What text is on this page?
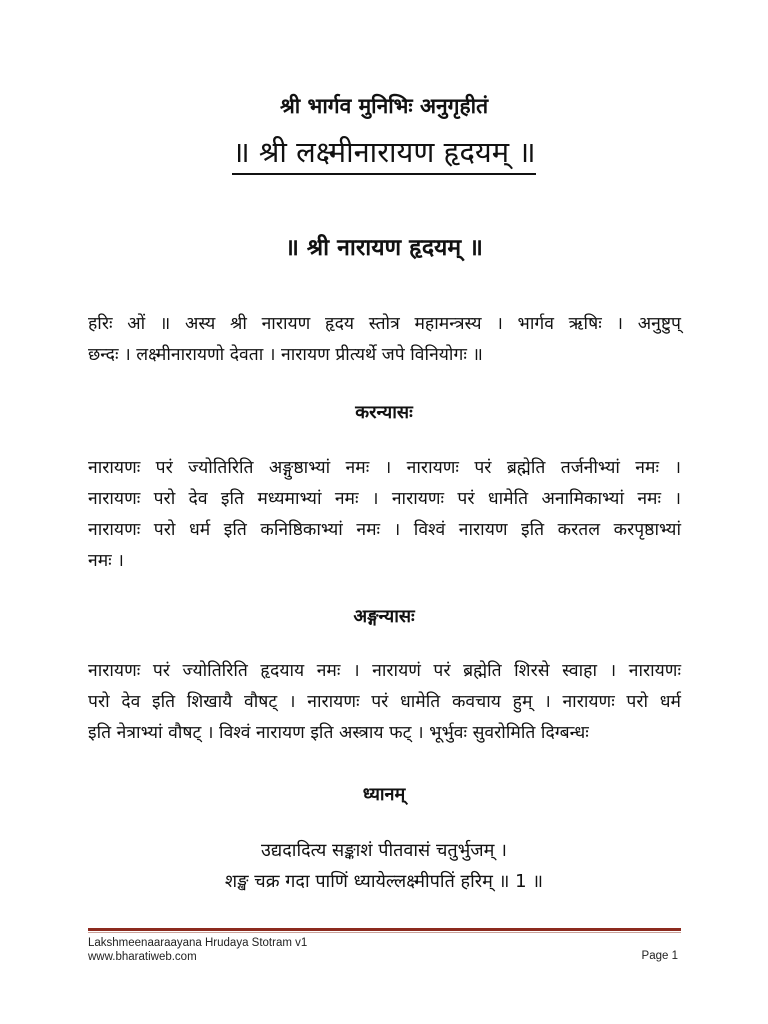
श्री भार्गव मुनिभिः अनुगृहीतं
॥ श्री लक्ष्मीनारायण हृदयम् ॥
॥ श्री नारायण हृदयम् ॥
हरिः ओं ॥ अस्य श्री नारायण हृदय स्तोत्र महामन्त्रस्य । भार्गव ऋषिः । अनुष्टुप्
छन्दः । लक्ष्मीनारायणो देवता । नारायण प्रीत्यर्थे जपे विनियोगः ॥
करन्यासः
नारायणः परं ज्योतिरिति अङ्गुष्ठाभ्यां नमः । नारायणः परं ब्रह्मेति तर्जनीभ्यां नमः ।
नारायणः परो देव इति मध्यमाभ्यां नमः । नारायणः परं धामेति अनामिकाभ्यां नमः ।
नारायणः परो धर्म इति कनिष्ठिकाभ्यां नमः । विश्वं नारायण इति करतल करपृष्ठाभ्यां
नमः ।
अङ्गन्यासः
नारायणः परं ज्योतिरिति हृदयाय नमः । नारायणं परं ब्रह्मेति शिरसे स्वाहा । नारायणः
परो देव इति शिखायै वौषट् । नारायणः परं धामेति कवचाय हुम् । नारायणः परो धर्म
इति नेत्राभ्यां वौषट् । विश्वं नारायण इति अस्त्राय फट् । भूर्भुवः सुवरोमिति दिग्बन्धः
ध्यानम्
उद्यदादित्य सङ्काशं पीतवासं चतुर्भुजम् ।
शङ्ख चक्र गदा पाणिं ध्यायेल्लक्ष्मीपतिं हरिम् ॥ 1 ॥
Lakshmeenaaraayana Hrudaya Stotram v1
www.bharatiweb.com	Page 1
